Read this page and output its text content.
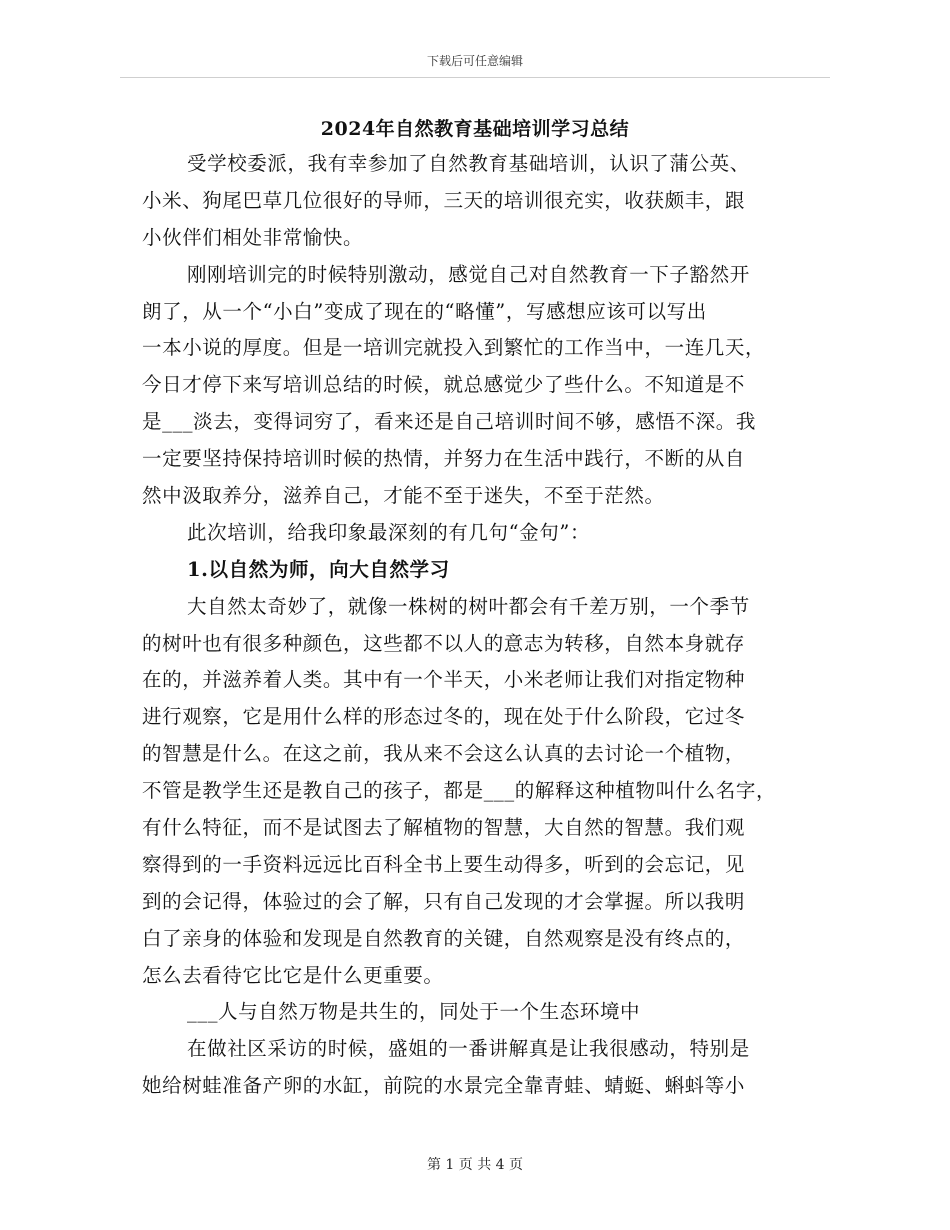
下载后可任意编辑
2024年自然教育基础培训学习总结
受学校委派，我有幸参加了自然教育基础培训，认识了蒲公英、
小米、狗尾巴草几位很好的导师，三天的培训很充实，收获颇丰，跟
小伙伴们相处非常愉快。
刚刚培训完的时候特别激动，感觉自己对自然教育一下子豁然开
朗了，从一个“小白”变成了现在的“略懂”，写感想应该可以写出
一本小说的厚度。但是一培训完就投入到繁忙的工作当中，一连几天，
今日才停下来写培训总结的时候，就总感觉少了些什么。不知道是不
是___淡去，变得词穷了，看来还是自己培训时间不够，感悟不深。我
一定要坚持保持培训时候的热情，并努力在生活中践行，不断的从自
然中汲取养分，滋养自己，才能不至于迷失，不至于茫然。
此次培训，给我印象最深刻的有几句“金句”：
1.以自然为师，向大自然学习
大自然太奇妙了，就像一株树的树叶都会有千差万别，一个季节
的树叶也有很多种颜色，这些都不以人的意志为转移，自然本身就存
在的，并滋养着人类。其中有一个半天，小米老师让我们对指定物种
进行观察，它是用什么样的形态过冬的，现在处于什么阶段，它过冬
的智慧是什么。在这之前，我从来不会这么认真的去讨论一个植物，
不管是教学生还是教自己的孩子，都是___的解释这种植物叫什么名字，
有什么特征，而不是试图去了解植物的智慧，大自然的智慧。我们观
察得到的一手资料远远比百科全书上要生动得多，听到的会忘记，见
到的会记得，体验过的会了解，只有自己发现的才会掌握。所以我明
白了亲身的体验和发现是自然教育的关键，自然观察是没有终点的，
怎么去看待它比它是什么更重要。
___人与自然万物是共生的，同处于一个生态环境中
在做社区采访的时候，盛姐的一番讲解真是让我很感动，特别是
她给树蛙准备产卵的水缸，前院的水景完全靠青蛙、蜻蜓、蝌蚪等小
第 1 页 共 4 页
